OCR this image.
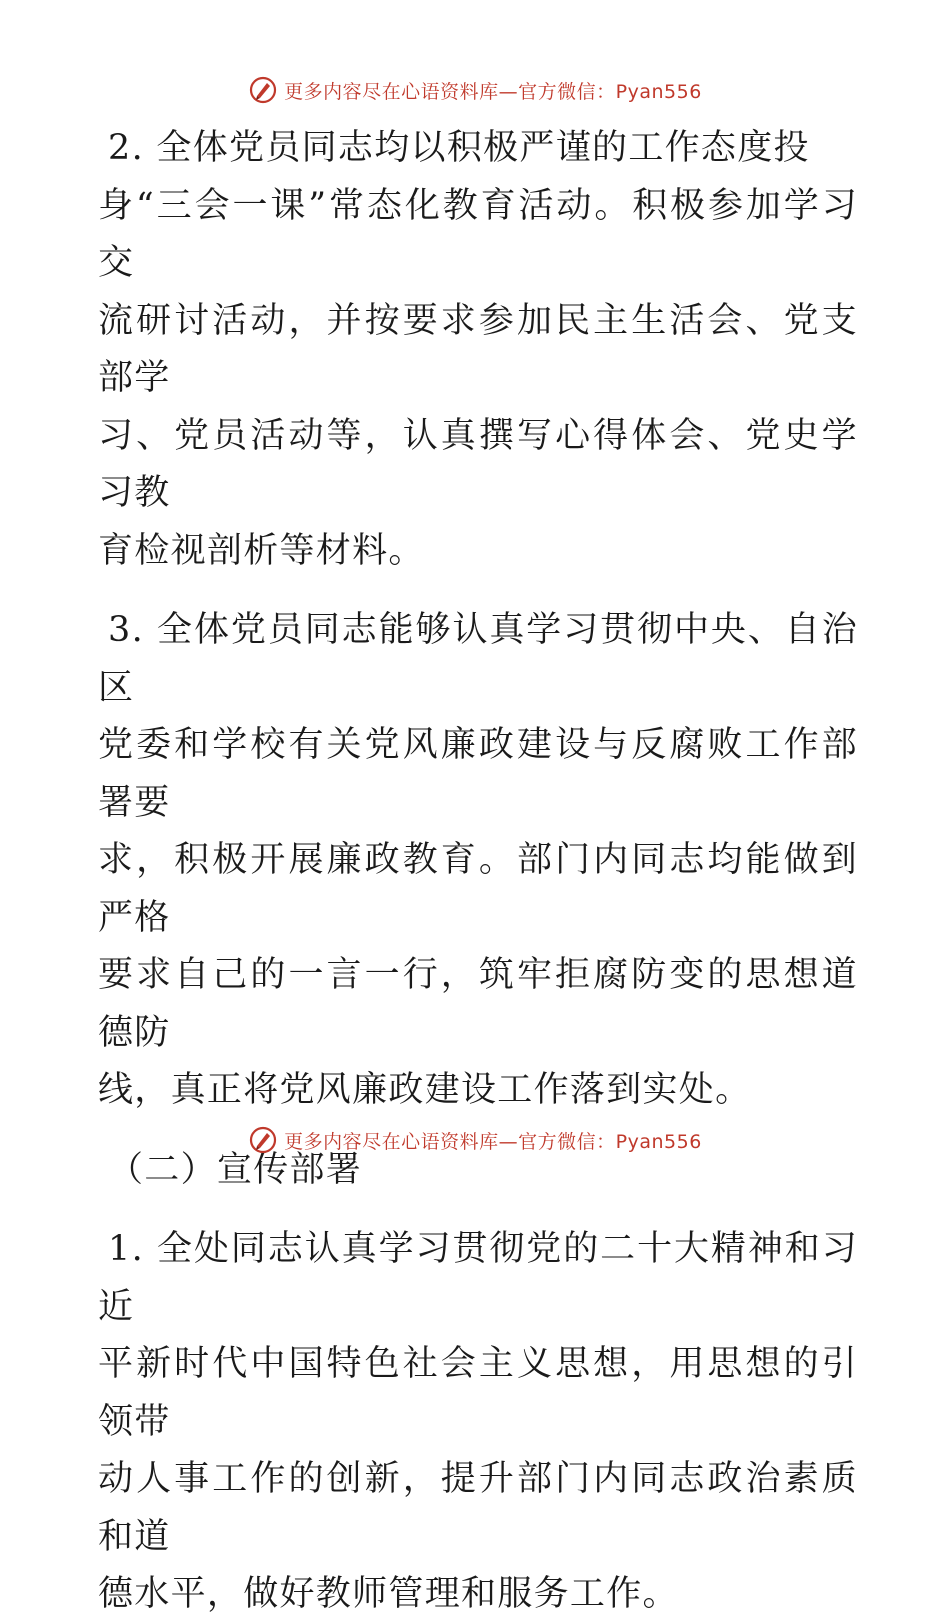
更多内容尽在心语资料库—官方微信：Pyan556

2. 全体党员同志均以积极严谨的工作态度投
身“三会一课”常态化教育活动。积极参加学习交
流研讨活动，并按要求参加民主生活会、党支部学
习、党员活动等，认真撰写心得体会、党史学习教
育检视剖析等材料。

3. 全体党员同志能够认真学习贯彻中央、自治区
党委和学校有关党风廉政建设与反腐败工作部署要
求，积极开展廉政教育。部门内同志均能做到严格
要求自己的一言一行，筑牢拒腐防变的思想道德防
线，真正将党风廉政建设工作落到实处。

（二）宣传部署

1. 全处同志认真学习贯彻党的二十大精神和习近
平新时代中国特色社会主义思想，用思想的引领带
动人事工作的创新，提升部门内同志政治素质和道
德水平，做好教师管理和服务工作。

更多内容尽在心语资料库—官方微信：Pyan556
